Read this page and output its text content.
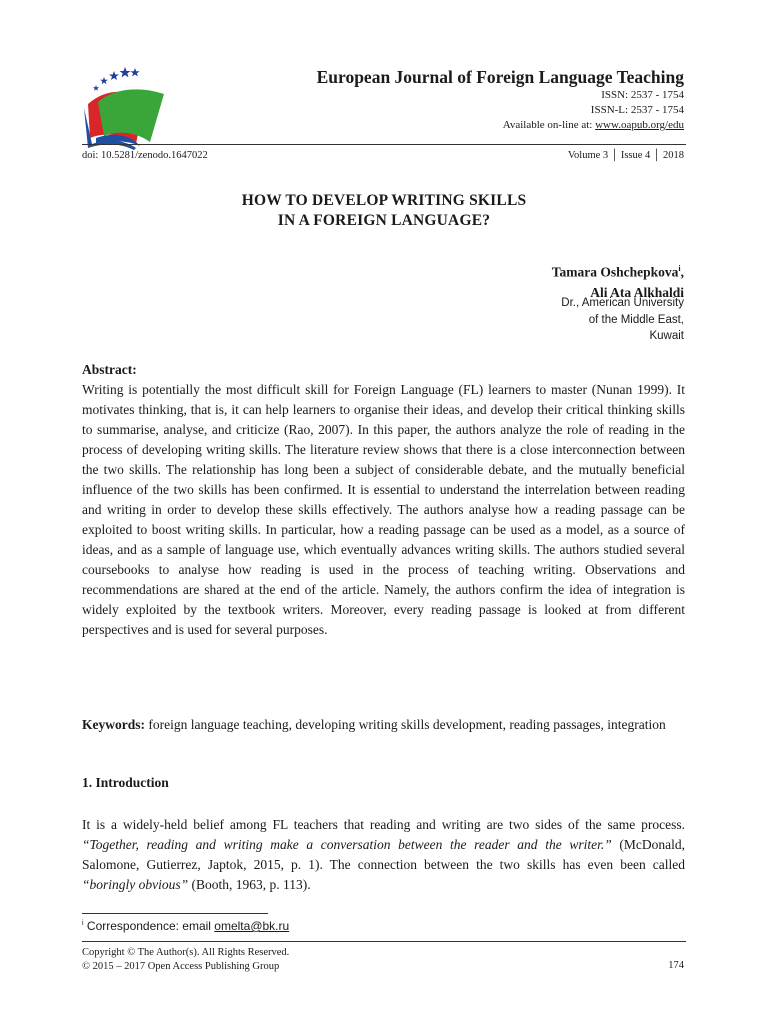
European Journal of Foreign Language Teaching
ISSN: 2537 - 1754
ISSN-L: 2537 - 1754
Available on-line at: www.oapub.org/edu
doi: 10.5281/zenodo.1647022	Volume 3 │ Issue 4 │ 2018
HOW TO DEVELOP WRITING SKILLS
IN A FOREIGN LANGUAGE?
Tamara Oshchepkova$^i$,
Ali Ata Alkhaldi
Dr., American University
of the Middle East,
Kuwait
Abstract:
Writing is potentially the most difficult skill for Foreign Language (FL) learners to master (Nunan 1999). It motivates thinking, that is, it can help learners to organise their ideas, and develop their critical thinking skills to summarise, analyse, and criticize (Rao, 2007). In this paper, the authors analyze the role of reading in the process of developing writing skills. The literature review shows that there is a close interconnection between the two skills. The relationship has long been a subject of considerable debate, and the mutually beneficial influence of the two skills has been confirmed. It is essential to understand the interrelation between reading and writing in order to develop these skills effectively. The authors analyse how a reading passage can be exploited to boost writing skills. In particular, how a reading passage can be used as a model, as a source of ideas, and as a sample of language use, which eventually advances writing skills. The authors studied several coursebooks to analyse how reading is used in the process of teaching writing. Observations and recommendations are shared at the end of the article. Namely, the authors confirm the idea of integration is widely exploited by the textbook writers. Moreover, every reading passage is looked at from different perspectives and is used for several purposes.
Keywords: foreign language teaching, developing writing skills development, reading passages, integration
1. Introduction
It is a widely-held belief among FL teachers that reading and writing are two sides of the same process. “Together, reading and writing make a conversation between the reader and the writer.” (McDonald, Salomone, Gutierrez, Japtok, 2015, p. 1). The connection between the two skills has even been called “boringly obvious” (Booth, 1963, p. 113).
$^i$ Correspondence: email omelta@bk.ru
Copyright © The Author(s). All Rights Reserved.
© 2015 – 2017 Open Access Publishing Group	174
